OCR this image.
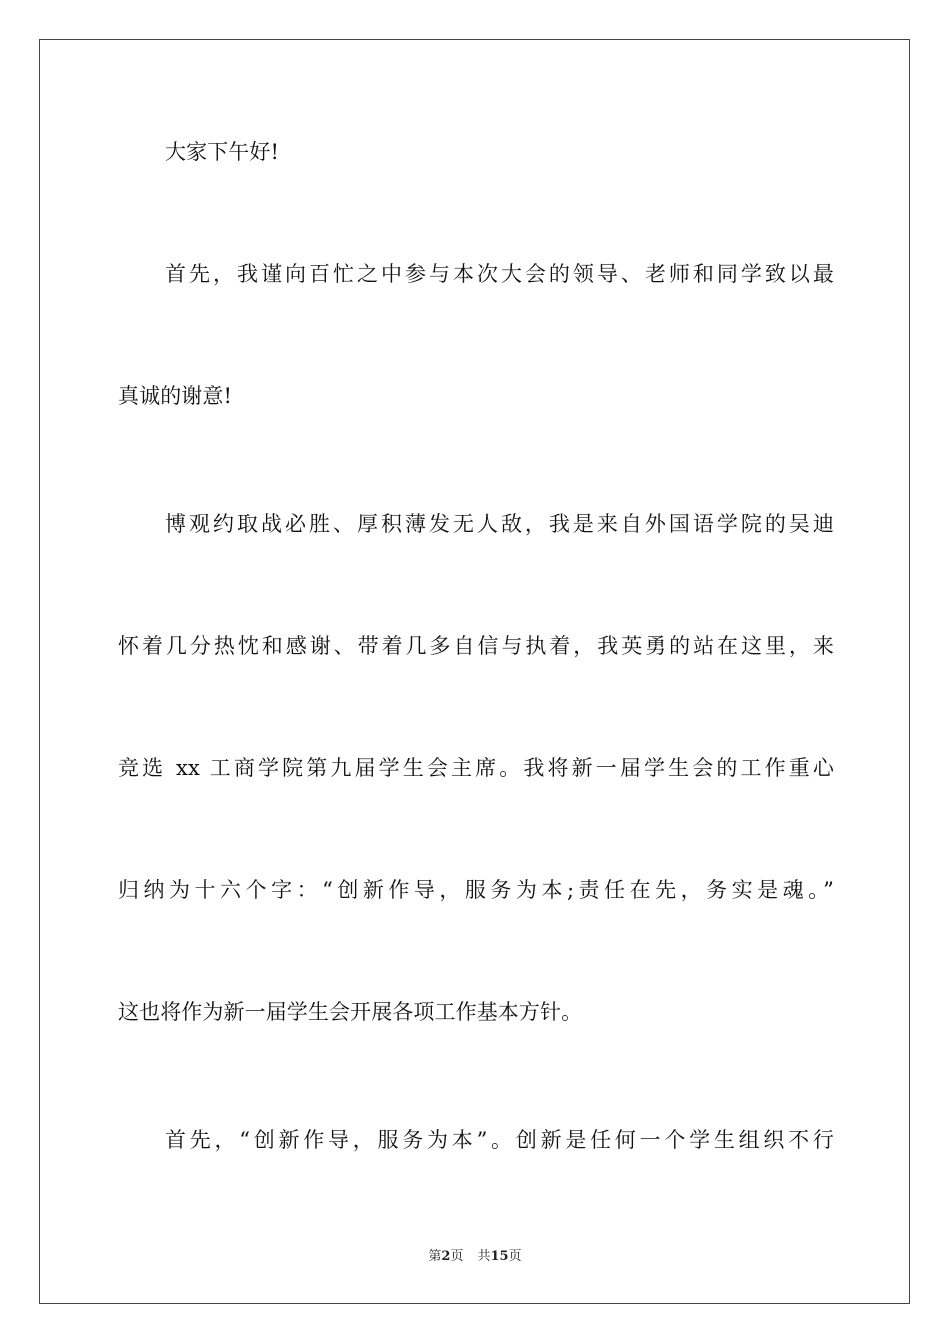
大家下午好!
首先，我谨向百忙之中参与本次大会的领导、老师和同学致以最
真诚的谢意!
博观约取战必胜、厚积薄发无人敌，我是来自外国语学院的吴迪
怀着几分热忱和感谢、带着几多自信与执着，我英勇的站在这里，来
竞选 xx 工商学院第九届学生会主席。我将新一届学生会的工作重心
归纳为十六个字：“创新作导，服务为本;责任在先，务实是魂。”
这也将作为新一届学生会开展各项工作基本方针。
首先，“创新作导，服务为本”。创新是任何一个学生组织不行
第2页 共15页
